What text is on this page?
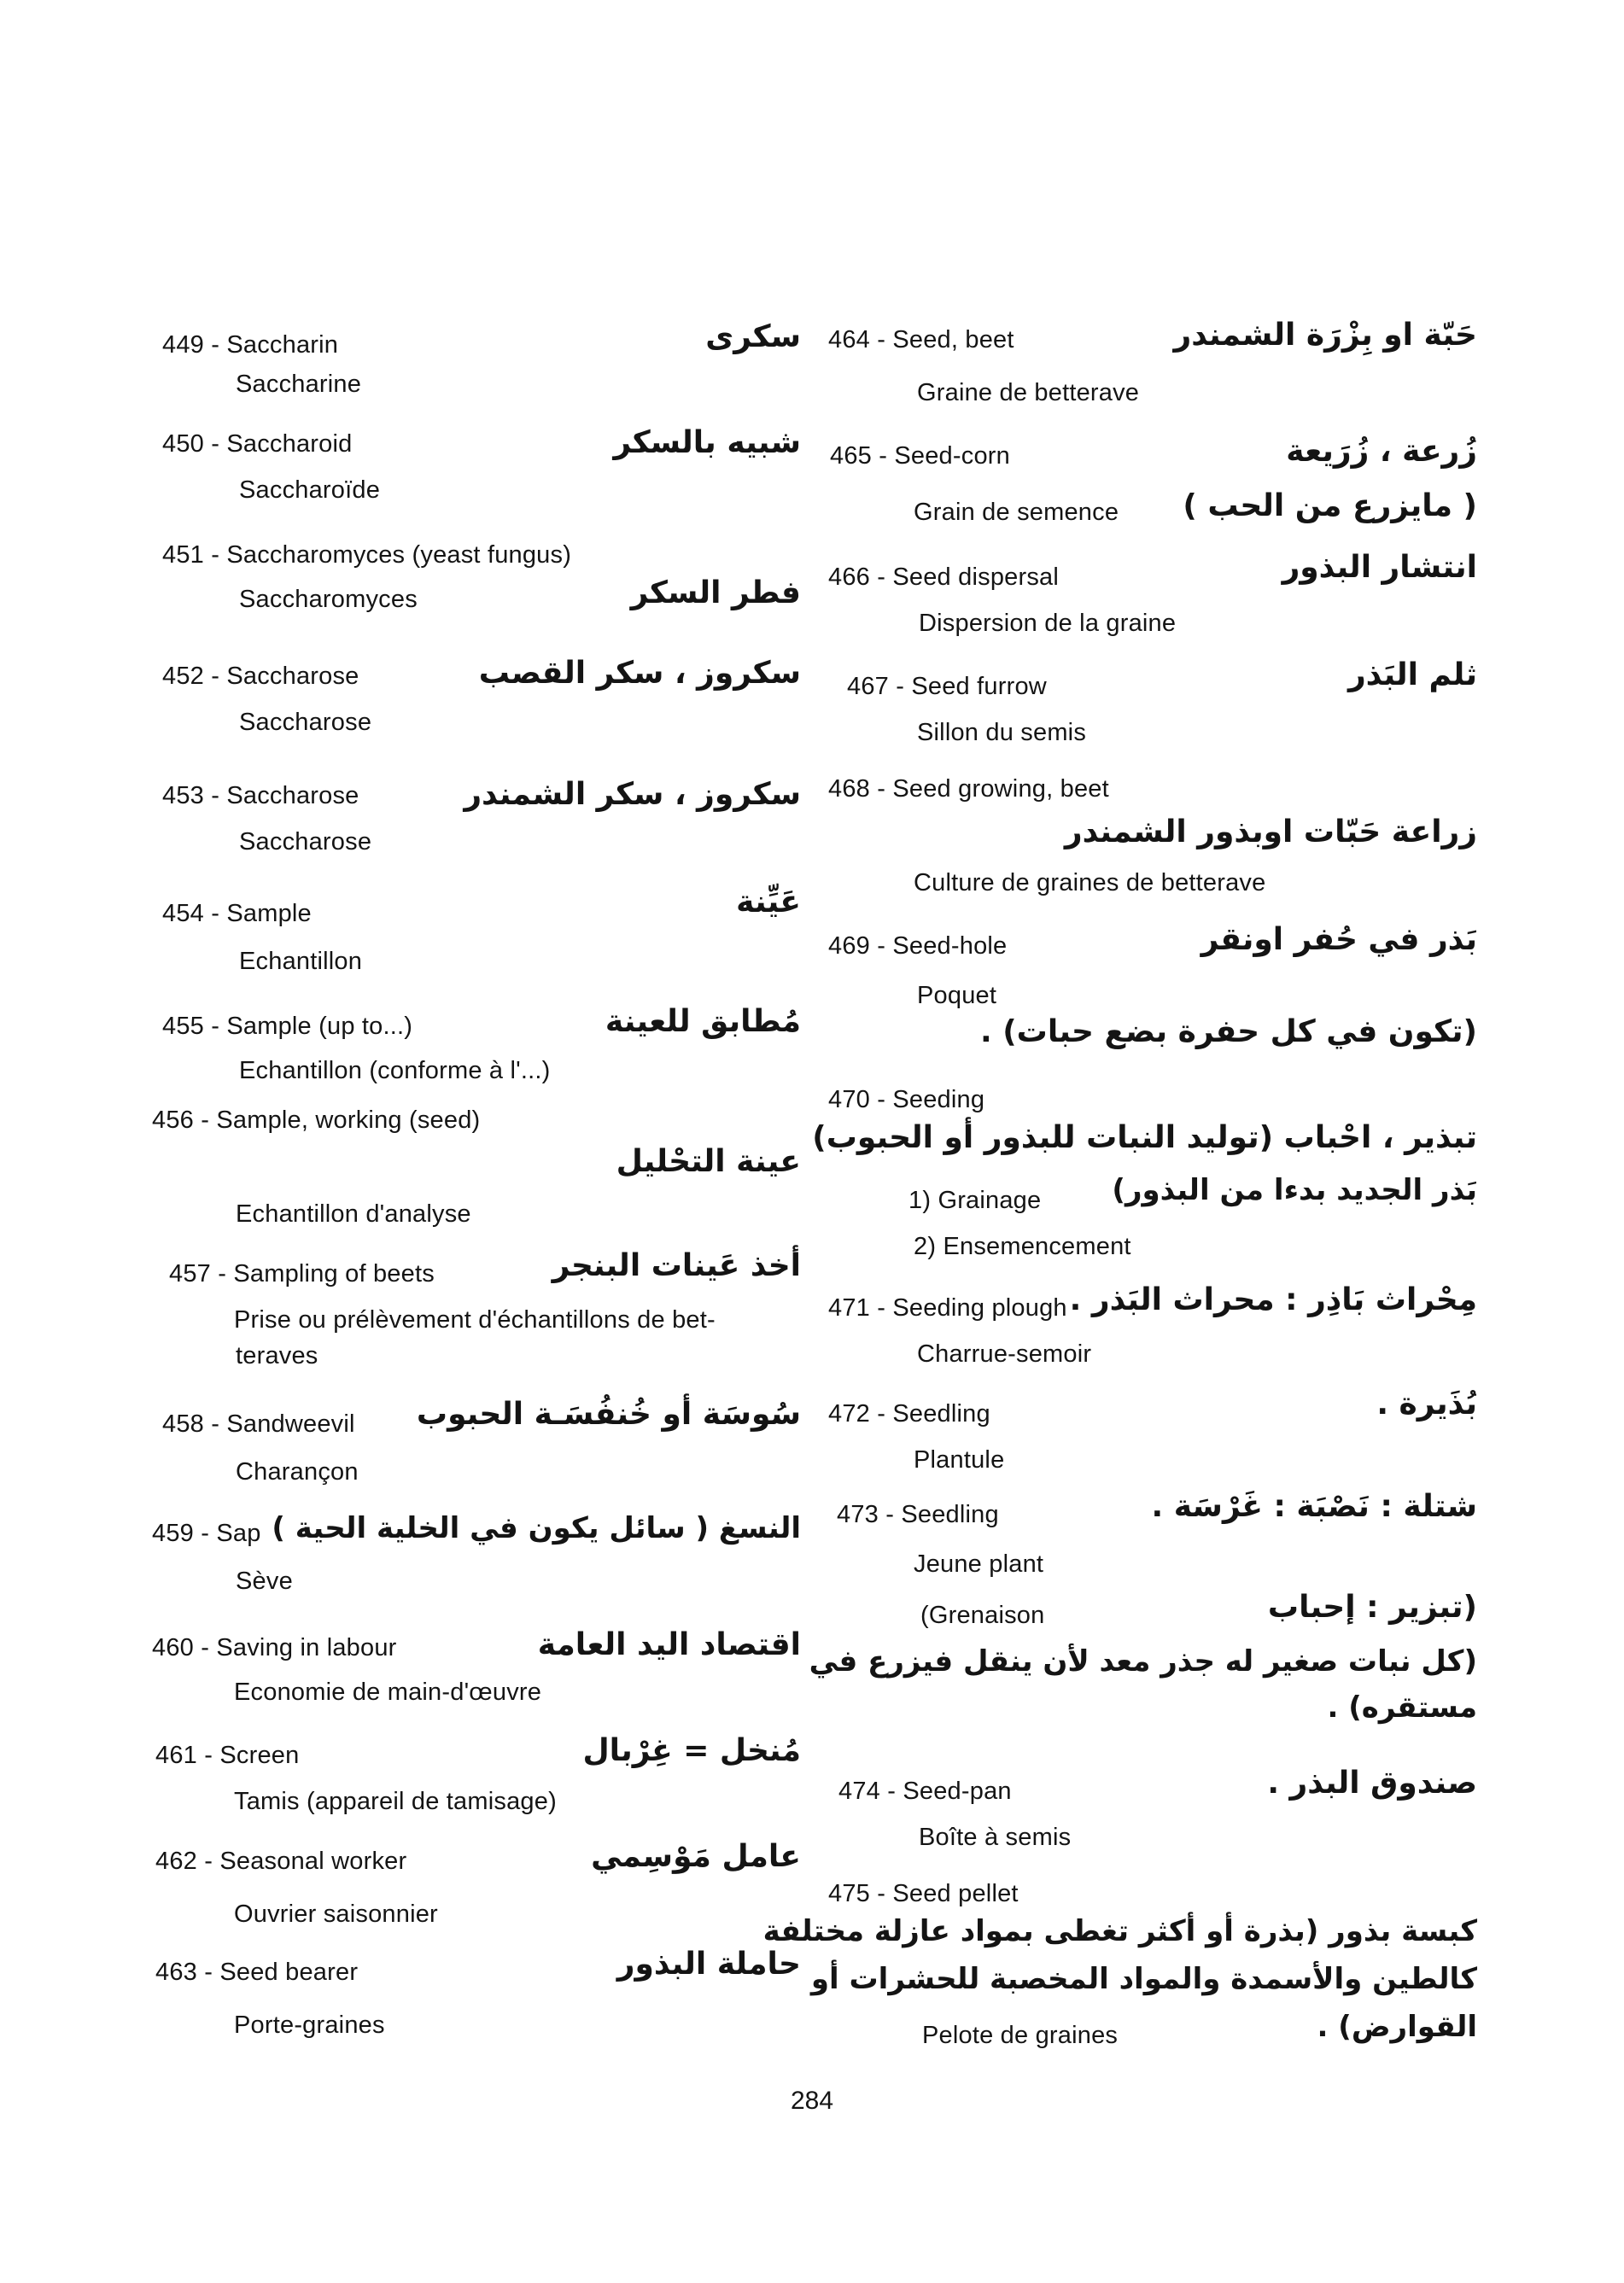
449 - Saccharin
Saccharine
سكرى
450 - Saccharoid
Saccharoïde
شبيه بالسكر
451 - Saccharomyces (yeast fungus)
Saccharomyces	فطر السكر
452 - Saccharose
Saccharose
سكروز ، سكر القصب
453 - Saccharose
Saccharose
سكروز ، سكر الشمندر
454 - Sample
Echantillon
عَيِّنة
455 - Sample (up to...)
Echantillon (conforme à l'...)
مُطابق للعينة
456 - Sample, working (seed)
عينة التحْليل
Echantillon d'analyse
457 - Sampling of beets
Prise ou prélèvement d'échantillons de bet-
teraves
أخذ عَينات البنجر
458 - Sandweevil
Charançon
سُوسَة أو خُنفُسَـة الحبوب
459 - Sap
Sève
النسغ ( سائل يكون في الخلية الحية )
460 - Saving in labour
Economie de main-d'œuvre
اقتصاد اليد العامة
461 - Screen
Tamis (appareil de tamisage)
مُنخل = غِرْبال
462 - Seasonal worker
Ouvrier saisonnier
عامل مَوْسِمي
463 - Seed bearer
Porte-graines
حاملة البذور
464 - Seed, beet
Graine de betterave
حَبّة او بِزْرَة الشمندر
465 - Seed-corn
Grain de semence
زُرعة ، زُرَيعة
( مايزرع من الحب )
466 - Seed dispersal
Dispersion de la graine
انتشار البذور
467 - Seed furrow
Sillon du semis
ثلم البَذر
468 - Seed growing, beet
زراعة حَبّات اوبذور الشمندر
Culture de graines de betterave
469 - Seed-hole	بَذر في حُفر اونقر
Poquet
(تكون في كل حفرة بضع حبات) .
470 - Seeding
تبذير ، احْباب (توليد النبات للبذور أو الحبوب)
1) Grainage بَذر الجديد بدءا من البذور)
2) Ensemencement
471 - Seeding plough
Charrue-semoir
مِحْراث بَاذِر : محراث البَذر .
472 - Seedling
Plantule
بُذَيرة .
473 - Seedling	شتلة : نَصْبَة : غَرْسَة .
Jeune plant
(Grenaison	(تبزير : إحباب
(كل نبات صغير له جذر معد لأن ينقل فيزرع في
مستقره) .
474 - Seed-pan
Boîte à semis
صندوق البذر .
475 - Seed pellet
كبسة بذور (بذرة أو أكثر تغطى بمواد عازلة مختلفة
كالطين والأسمدة والمواد المخصبة للحشرات أو
Pelote de graines	القوارض) .
284
